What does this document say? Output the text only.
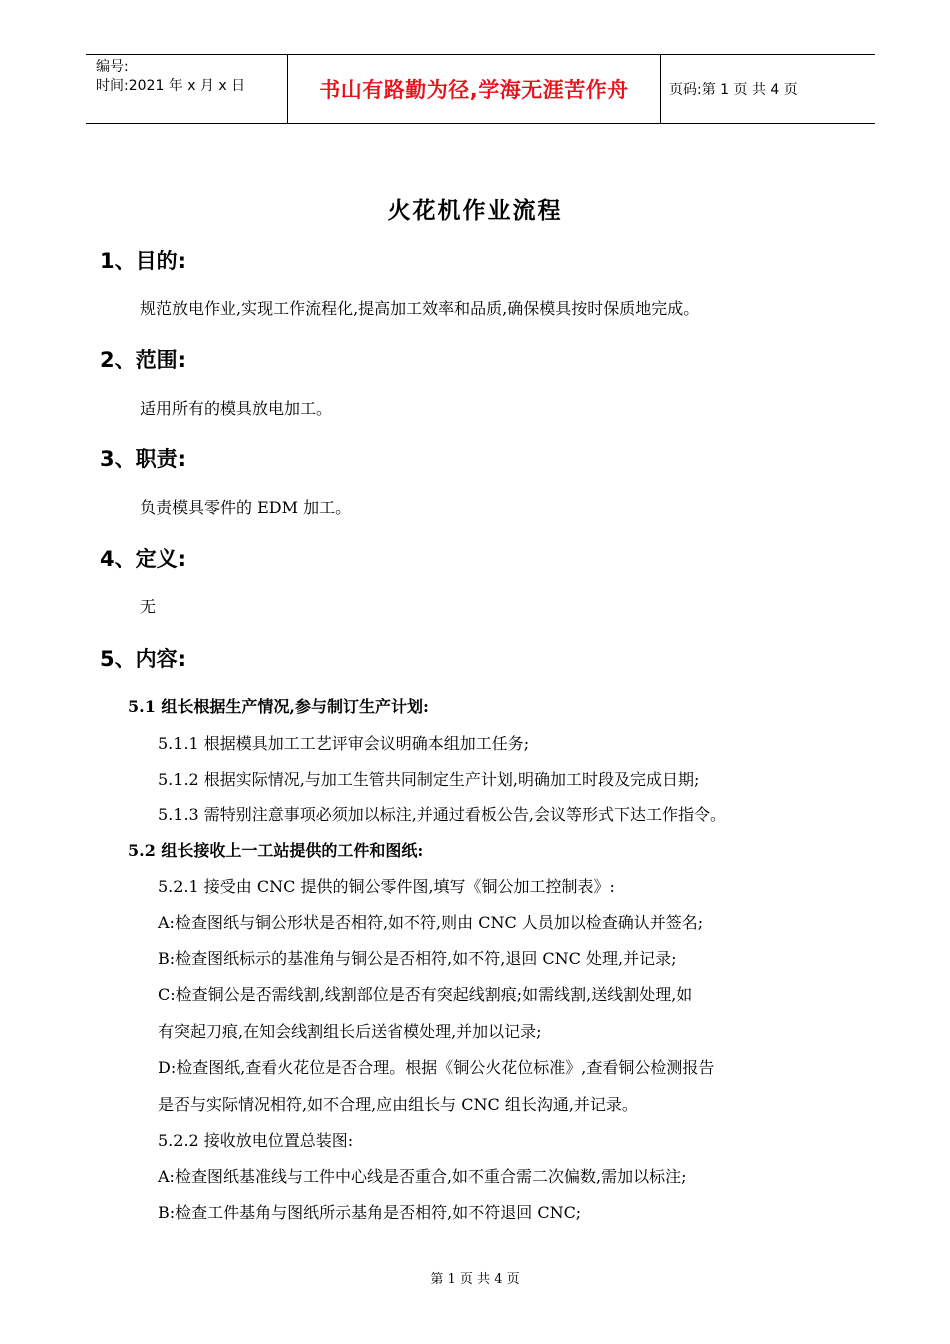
编号:
时间:2021 年 x 月 x 日	书山有路勤为径,学海无涯苦作舟	页码:第 1 页 共 4 页
火花机作业流程
1、目的:
规范放电作业,实现工作流程化,提高加工效率和品质,确保模具按时保质地完成。
2、范围:
适用所有的模具放电加工。
3、职责:
负责模具零件的 EDM 加工。
4、定义:
无
5、内容:
5.1 组长根据生产情况,参与制订生产计划:
5.1.1 根据模具加工工艺评审会议明确本组加工任务;
5.1.2 根据实际情况,与加工生管共同制定生产计划,明确加工时段及完成日期;
5.1.3 需特别注意事项必须加以标注,并通过看板公告,会议等形式下达工作指令。
5.2 组长接收上一工站提供的工件和图纸:
5.2.1 接受由 CNC 提供的铜公零件图,填写《铜公加工控制表》:
A:检查图纸与铜公形状是否相符,如不符,则由 CNC 人员加以检查确认并签名;
B:检查图纸标示的基准角与铜公是否相符,如不符,退回 CNC 处理,并记录;
C:检查铜公是否需线割,线割部位是否有突起线割痕;如需线割,送线割处理,如
有突起刀痕,在知会线割组长后送省模处理,并加以记录;
D:检查图纸,查看火花位是否合理。根据《铜公火花位标准》,查看铜公检测报告
是否与实际情况相符,如不合理,应由组长与 CNC 组长沟通,并记录。
5.2.2 接收放电位置总装图:
A:检查图纸基准线与工件中心线是否重合,如不重合需二次偏数,需加以标注;
B:检查工件基角与图纸所示基角是否相符,如不符退回 CNC;
第 1 页 共 4 页
